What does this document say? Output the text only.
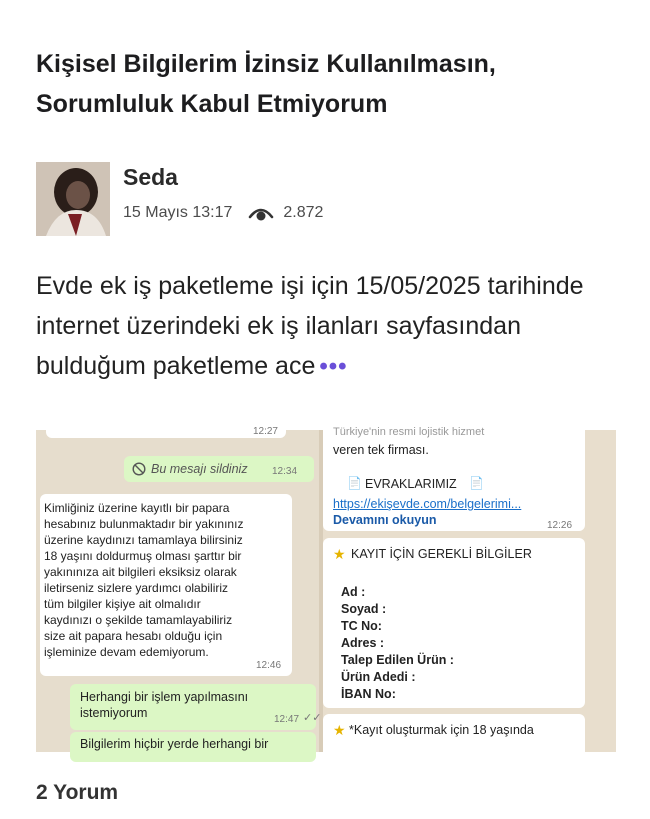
Kişisel Bilgilerim İzinsiz Kullanılmasın, Sorumluluk Kabul Etmiyorum
Seda
15 Mayıs 13:17	2.872
Evde ek iş paketleme işi için 15/05/2025 tarihinde internet üzerindeki ek iş ilanları sayfasından bulduğum paketleme ace •••
12:27
Bu mesajı sildiniz 12:34
Kimliğiniz üzerine kayıtlı bir papara
hesabınız bulunmaktadır bir yakınınız
üzerine kaydınızı tamamlaya bilirsiniz
18 yaşını doldurmuş olması şarttır bir
yakınınıza ait bilgileri eksiksiz olarak
iletirseniz sizlere yardımcı olabiliriz
tüm bilgiler kişiye ait olmalıdır
kaydınızı o şekilde tamamlayabiliriz
size ait papara hesabı olduğu için
işleminize devam edemiyorum.
12:46
Herhangi bir işlem yapılmasını
istemiyorum	12:47 ✓✓
Bilgilerim hiçbir yerde herhangi bir
Türkiye'nin resmi lojistik hizmet
veren tek firması.
📄 EVRAKLARIMIZ 📄
https://ekişevde.com/belgelerimi...
Devamını okuyun	12:26
★ KAYIT İÇİN GEREKLİ BİLGİLER
Ad :
Soyad :
TC No:
Adres :
Talep Edilen Ürün :
Ürün Adedi :
İBAN No:
★ *Kayıt oluşturmak için 18 yaşında
2 Yorum
